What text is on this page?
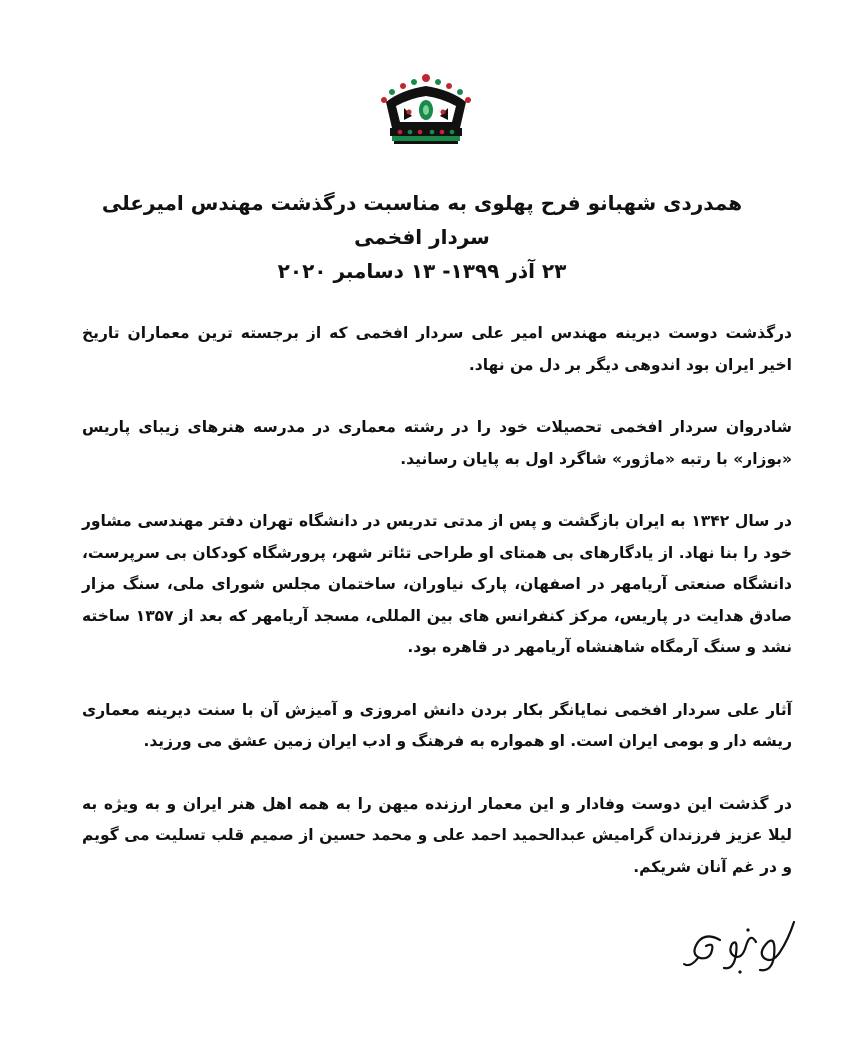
همدردی شهبانو فرح پهلوی به مناسبت درگذشت مهندس امیرعلی
سردار افخمی
۲۳ آذر ۱۳۹۹- ۱۳ دسامبر ۲۰۲۰

درگذشت دوست دیرینه مهندس امیر علی سردار افخمی که از برجسته ترین معماران تاریخ اخیر ایران بود اندوهی دیگر بر دل من نهاد.

شادروان سردار افخمی تحصیلات خود را در رشته معماری در مدرسه هنرهای زیبای پاریس «بوزار» با رتبه «ماژور» شاگرد اول به پایان رسانید.

در سال ۱۳۴۲ به ایران بازگشت و پس از مدتی تدریس در دانشگاه تهران دفتر مهندسی مشاور خود را بنا نهاد. از یادگارهای بی همتای او طراحی تئاتر شهر، پرورشگاه کودکان بی سرپرست، دانشگاه صنعتی آریامهر در اصفهان، پارک نیاوران، ساختمان مجلس شورای ملی، سنگ مزار صادق هدایت در پاریس، مرکز کنفرانس های بین المللی، مسجد آریامهر که بعد از ۱۳۵۷ ساخته نشد و سنگ آرمگاه شاهنشاه آریامهر در قاهره بود.

آثار علی سردار افخمی نمایانگر بکار بردن دانش امروزی و آمیزش آن با سنت دیرینه معماری ریشه دار و بومی ایران است. او همواره به فرهنگ و ادب ایران زمین عشق می ورزید.

در گذشت این دوست وفادار و این معمار ارزنده میهن را به همه اهل هنر ایران و به ویژه به لیلا عزیز فرزندان گرامیش عبدالحمید احمد علی و محمد حسین از صمیم قلب تسلیت می گویم و در غم آنان شریکم.
